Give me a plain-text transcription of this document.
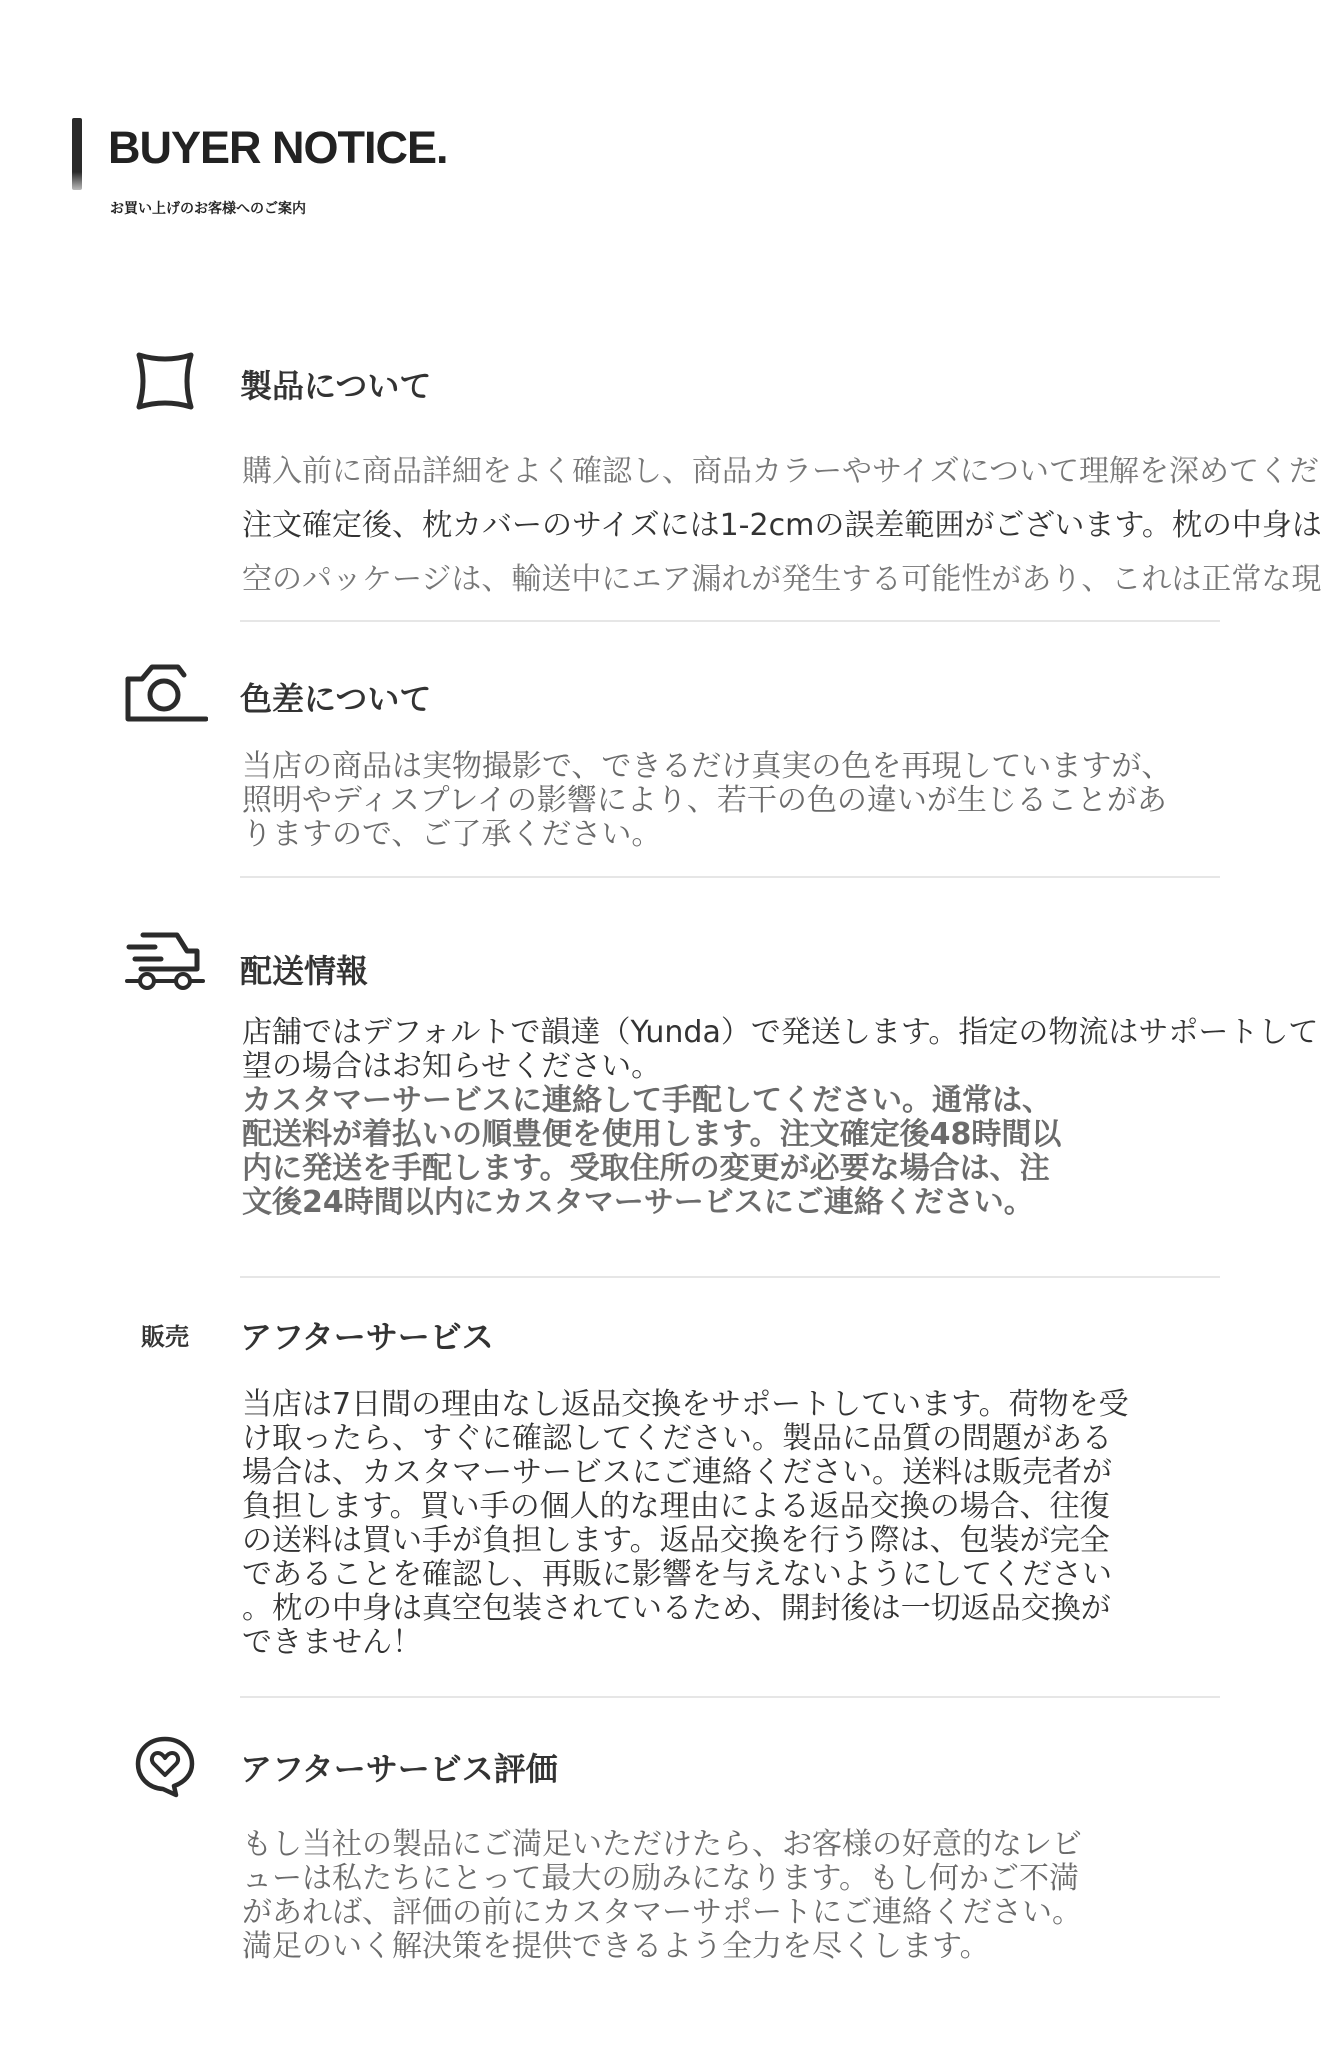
BUYER NOTICE.
お買い上げのお客様へのご案内
製品について

購入前に商品詳細をよく確認し、商品カラーやサイズについて理解を深めてくだ

注文確定後、枕カバーのサイズには1-2cmの誤差範囲がございます。枕の中身は

空のパッケージは、輸送中にエア漏れが発生する可能性があり、これは正常な現

色差について

当店の商品は実物撮影で、できるだけ真実の色を再現していますが、

照明やディスプレイの影響により、若干の色の違いが生じることがあ

りますので、ご了承ください。

配送情報

店舗ではデフォルトで韻達（Yunda）で発送します。指定の物流はサポートして

望の場合はお知らせください。

カスタマーサービスに連絡して手配してください。通常は、

配送料が着払いの順豊便を使用します。注文確定後48時間以

内に発送を手配します。受取住所の変更が必要な場合は、注

文後24時間以内にカスタマーサービスにご連絡ください。

販売 アフターサービス

当店は7日間の理由なし返品交換をサポートしています。荷物を受

け取ったら、すぐに確認してください。製品に品質の問題がある

場合は、カスタマーサービスにご連絡ください。送料は販売者が

負担します。買い手の個人的な理由による返品交換の場合、往復

の送料は買い手が負担します。返品交換を行う際は、包装が完全

であることを確認し、再販に影響を与えないようにしてください

。枕の中身は真空包装されているため、開封後は一切返品交換が

できません！

アフターサービス評価

もし当社の製品にご満足いただけたら、お客様の好意的なレビ

ューは私たちにとって最大の励みになります。もし何かご不満

があれば、評価の前にカスタマーサポートにご連絡ください。

満足のいく解決策を提供できるよう全力を尽くします。
